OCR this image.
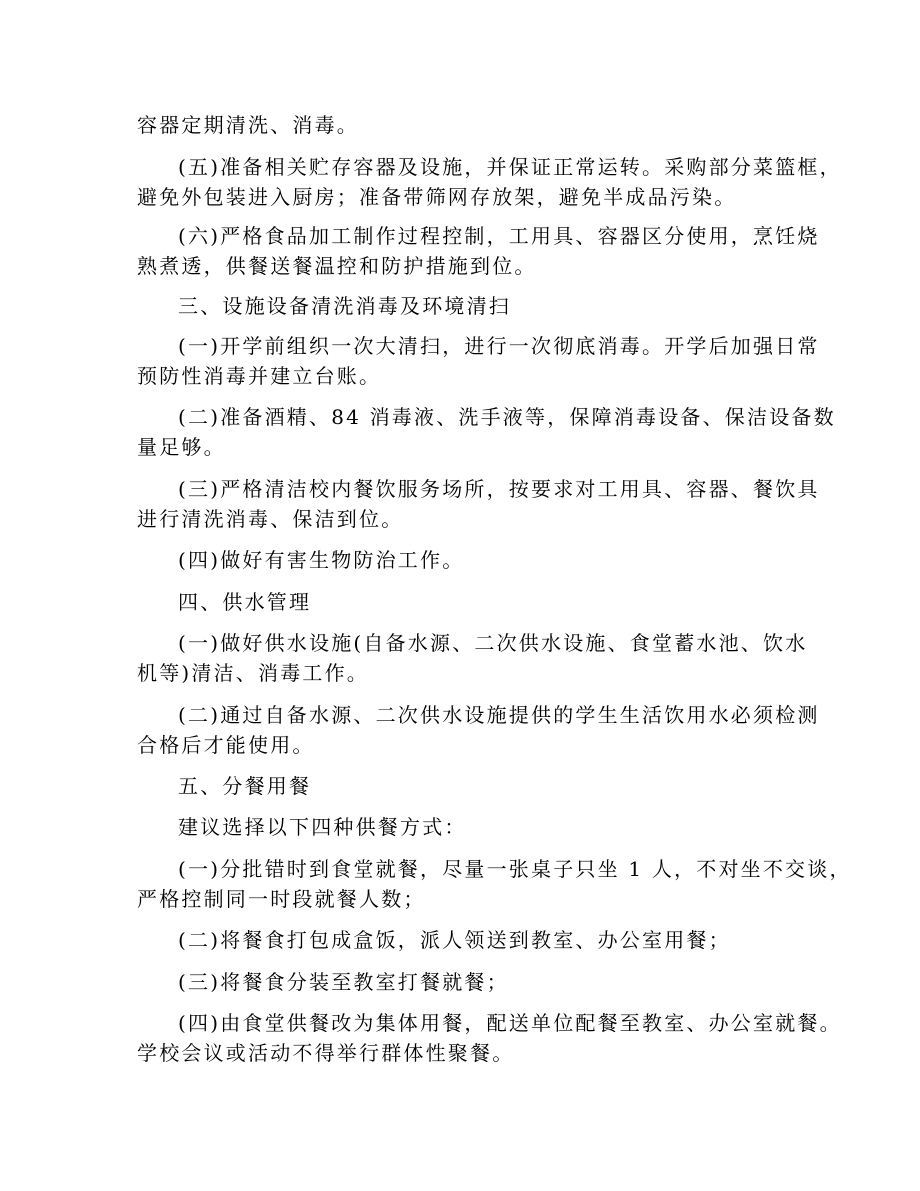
容器定期清洗、消毒。
(五)准备相关贮存容器及设施，并保证正常运转。采购部分菜篮框，
避免外包装进入厨房；准备带筛网存放架，避免半成品污染。
(六)严格食品加工制作过程控制，工用具、容器区分使用，烹饪烧
熟煮透，供餐送餐温控和防护措施到位。
三、设施设备清洗消毒及环境清扫
(一)开学前组织一次大清扫，进行一次彻底消毒。开学后加强日常
预防性消毒并建立台账。
(二)准备酒精、84 消毒液、洗手液等，保障消毒设备、保洁设备数
量足够。
(三)严格清洁校内餐饮服务场所，按要求对工用具、容器、餐饮具
进行清洗消毒、保洁到位。
(四)做好有害生物防治工作。
四、供水管理
(一)做好供水设施(自备水源、二次供水设施、食堂蓄水池、饮水
机等)清洁、消毒工作。
(二)通过自备水源、二次供水设施提供的学生生活饮用水必须检测
合格后才能使用。
五、分餐用餐
建议选择以下四种供餐方式：
(一)分批错时到食堂就餐，尽量一张桌子只坐 1 人，不对坐不交谈，
严格控制同一时段就餐人数；
(二)将餐食打包成盒饭，派人领送到教室、办公室用餐；
(三)将餐食分装至教室打餐就餐；
(四)由食堂供餐改为集体用餐，配送单位配餐至教室、办公室就餐。
学校会议或活动不得举行群体性聚餐。
